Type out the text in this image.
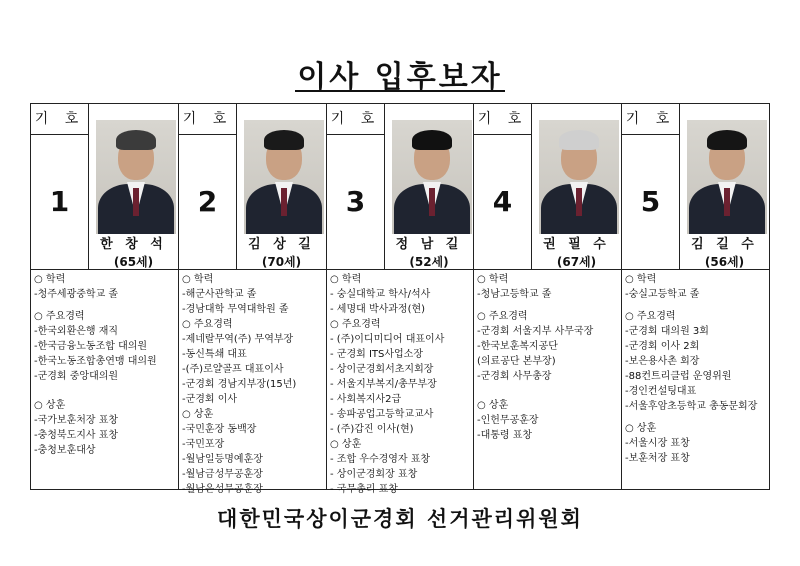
이사 입후보자
기 호
1
한 창 석
(65세)

○ 학력

-청주세광중학교 졸

○ 주요경력

-한국외환은행 재직

-한국금융노동조합 대의원

-한국노동조합총연맹 대의원

-군경회 중앙대의원

○ 상훈

-국가보훈처장 표창

-충청북도지사 표창

-충청보훈대상

기 호
2
김 상 길
(70세)

○ 학력

-해군사관학교 졸

-경남대학 무역대학원 졸

○ 주요경력

-제네랄무역(주) 무역부장

-동신특쇄 대표

-(주)로얄골프 대표이사

-군경회 경남지부장(15년)

-군경회 이사

○ 상훈

-국민훈장 동백장

-국민포장

-월남일등명예훈장

-월남금성무공훈장

-월남은성무공훈장

기 호
3
정 남 길
(52세)

○ 학력

- 숭실대학교 학사/석사

- 세명대 박사과정(현)

○ 주요경력

- (주)이디미디어 대표이사

- 군경회 ITS사업소장

- 상이군경회서초지회장

- 서울지부복지/총무부장

- 사회복지사2급

- 송파공업고등학교교사

- (주)갑진 이사(현)

○ 상훈

- 조합 우수경영자 표창

- 상이군경회장 표창

- 국무총리 표창

기 호
4
권 필 수
(67세)

○ 학력

-청남고등학교 졸

○ 주요경력

-군경회 서울지부 사무국장

-한국보훈복지공단

(의료공단 본부장)

-군경회 사무총장

○ 상훈

-인헌무공훈장

-대통령 표창

기 호
5
김 길 수
(56세)

○ 학력

-숭실고등학교 졸

○ 주요경력

-군경회 대의원 3회

-군경회 이사 2회

-보은용사촌 회장

-88컨트리클럽 운영위원

-경인컨설팅대표

-서울후암초등학교 총동문회장

○ 상훈

-서울시장 표창

-보훈처장 표창

대한민국상이군경회 선거관리위원회
